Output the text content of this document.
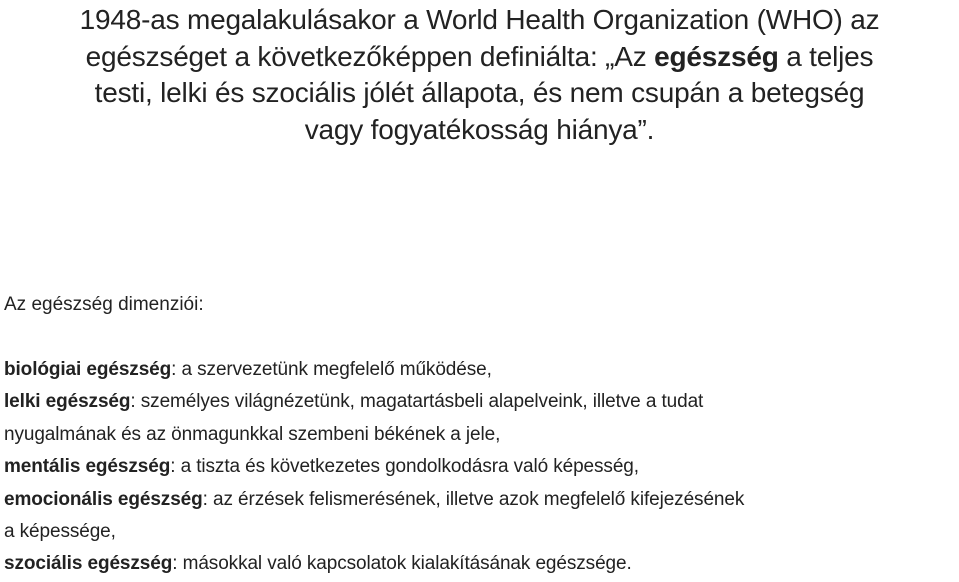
1948-as megalakulásakor a World Health Organization (WHO) az
egészséget a következőképpen definiálta: „Az egészség a teljes
testi, lelki és szociális jólét állapota, és nem csupán a betegség
vagy fogyatékosság hiánya”.
Az egészség dimenziói:
biológiai egészség: a szervezetünk megfelelő működése,
lelki egészség: személyes világnézetünk, magatartásbeli alapelveink, illetve a tudat
nyugalmának és az önmagunkkal szembeni békének a jele,
mentális egészség: a tiszta és következetes gondolkodásra való képesség,
emocionális egészség: az érzések felismerésének, illetve azok megfelelő kifejezésének
a képessége,
szociális egészség: másokkal való kapcsolatok kialakításának egészsége.
